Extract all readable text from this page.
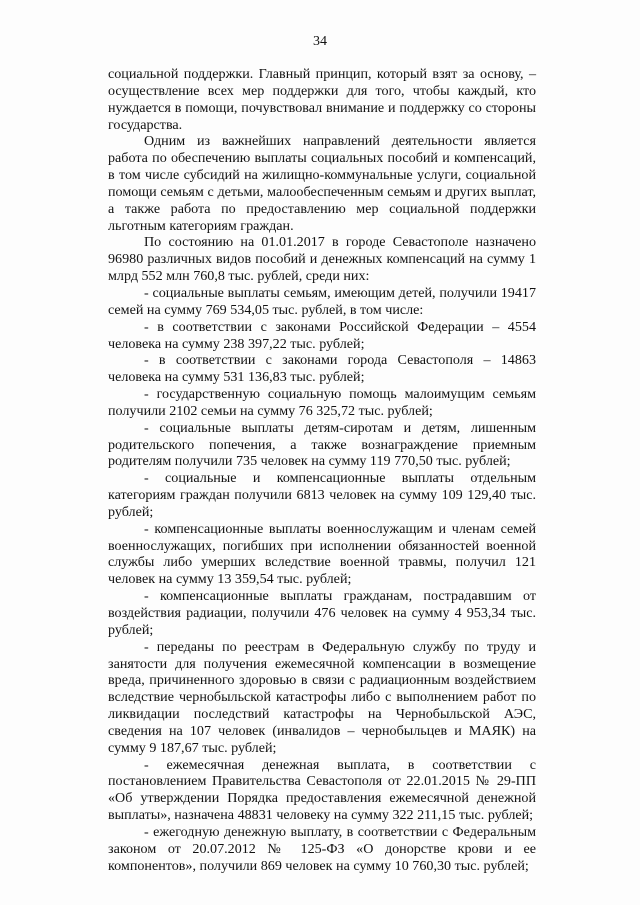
34

социальной поддержки. Главный принцип, который взят за основу, – осуществление всех мер поддержки для того, чтобы каждый, кто нуждается в помощи, почувствовал внимание и поддержку со стороны государства.

Одним из важнейших направлений деятельности является работа по обеспечению выплаты социальных пособий и компенсаций, в том числе субсидий на жилищно-коммунальные услуги, социальной помощи семьям с детьми, малообеспеченным семьям и других выплат, а также работа по предоставлению мер социальной поддержки льготным категориям граждан.

По состоянию на 01.01.2017 в городе Севастополе назначено 96980 различных видов пособий и денежных компенсаций на сумму 1 млрд 552 млн 760,8 тыс. рублей, среди них:

- социальные выплаты семьям, имеющим детей, получили 19417 семей на сумму 769 534,05 тыс. рублей, в том числе:

- в соответствии с законами Российской Федерации – 4554 человека на сумму 238 397,22 тыс. рублей;

- в соответствии с законами города Севастополя – 14863 человека на сумму 531 136,83 тыс. рублей;

- государственную социальную помощь малоимущим семьям получили 2102 семьи на сумму 76 325,72 тыс. рублей;

- социальные выплаты детям-сиротам и детям, лишенным родительского попечения, а также вознаграждение приемным родителям получили 735 человек на сумму 119 770,50 тыс. рублей;

- социальные и компенсационные выплаты отдельным категориям граждан получили 6813 человек на сумму 109 129,40 тыс. рублей;

- компенсационные выплаты военнослужащим и членам семей военнослужащих, погибших при исполнении обязанностей военной службы либо умерших вследствие военной травмы, получил 121 человек на сумму 13 359,54 тыс. рублей;

- компенсационные выплаты гражданам, пострадавшим от воздействия радиации, получили 476 человек на сумму 4 953,34 тыс. рублей;

- переданы по реестрам в Федеральную службу по труду и занятости для получения ежемесячной компенсации в возмещение вреда, причиненного здоровью в связи с радиационным воздействием вследствие чернобыльской катастрофы либо с выполнением работ по ликвидации последствий катастрофы на Чернобыльской АЭС, сведения на 107 человек (инвалидов – чернобыльцев и МАЯК) на сумму 9 187,67 тыс. рублей;

- ежемесячная денежная выплата, в соответствии с постановлением Правительства Севастополя от 22.01.2015 № 29-ПП «Об утверждении Порядка предоставления ежемесячной денежной выплаты», назначена 48831 человеку на сумму 322 211,15 тыс. рублей;

- ежегодную денежную выплату, в соответствии с Федеральным законом от 20.07.2012 № 125-ФЗ «О донорстве крови и ее компонентов», получили 869 человек на сумму 10 760,30 тыс. рублей;
